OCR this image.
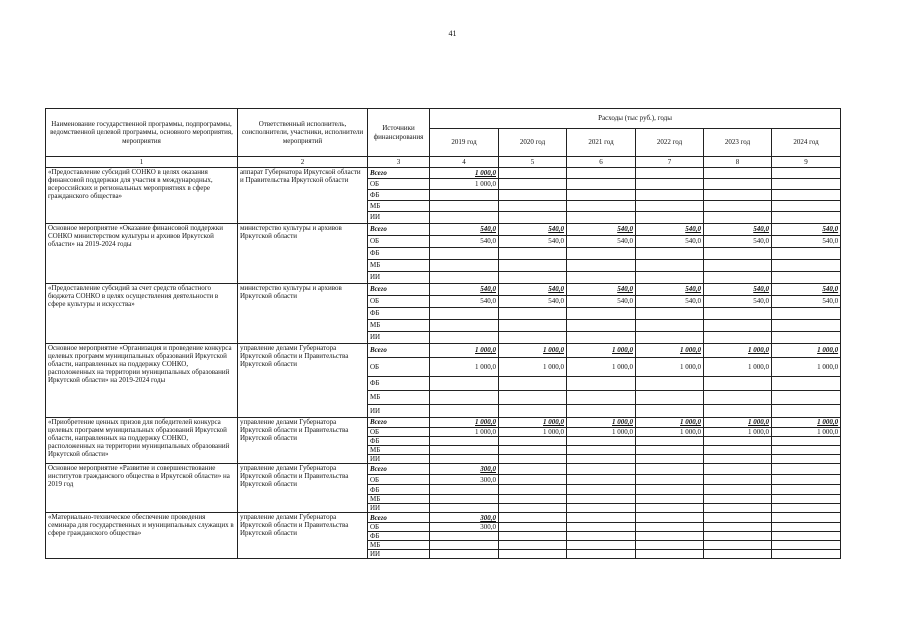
41
Наименование государственной программы, подпрограммы, ведомственной целевой программы, основного мероприятия, мероприятия	Ответственный исполнитель, соисполнители, участники, исполнители мероприятий	Источники финансирования	Расходы (тыс руб.), годы					
			2019 год	2020 год	2021 год	2022 год	2023 год	2024 год
1	2	3	4	5	6	7	8	9
«Предоставление субсидий СОНКО в целях оказания финансовой поддержки для участия в международных, всероссийских и региональных мероприятиях в сфере гражданского общества»	аппарат Губернатора Иркутской области и Правительства Иркутской области	Всего	1 000,0					
		ОБ	1 000,0					
		ФБ						
		МБ						
		ИИ						
Основное мероприятие «Оказание финансовой поддержки СОНКО министерством культуры и архивов Иркутской области» на 2019-2024 годы	министерство культуры и архивов Иркутской области	Всего	540,0	540,0	540,0	540,0	540,0	540,0
		ОБ	540,0	540,0	540,0	540,0	540,0	540,0
		ФБ						
		МБ						
		ИИ						
«Предоставление субсидий за счет средств областного бюджета СОНКО в целях осуществления деятельности в сфере культуры и искусства»	министерство культуры и архивов Иркутской области	Всего	540,0	540,0	540,0	540,0	540,0	540,0
		ОБ	540,0	540,0	540,0	540,0	540,0	540,0
		ФБ						
		МБ						
		ИИ						
Основное мероприятие «Организация и проведение конкурса целевых программ муниципальных образований Иркутской области, направленных на поддержку СОНКО, расположенных на территории муниципальных образований Иркутской области» на 2019-2024 годы	управление делами Губернатора Иркутской области и Правительства Иркутской области	Всего	1 000,0	1 000,0	1 000,0	1 000,0	1 000,0	1 000,0
		ОБ	1 000,0	1 000,0	1 000,0	1 000,0	1 000,0	1 000,0
		ФБ						
		МБ						
		ИИ						
«Приобретение ценных призов для победителей конкурса целевых программ муниципальных образований Иркутской области, направленных на поддержку СОНКО, расположенных на территории муниципальных образований Иркутской области»	управление делами Губернатора Иркутской области и Правительства Иркутской области	Всего	1 000,0	1 000,0	1 000,0	1 000,0	1 000,0	1 000,0
		ОБ	1 000,0	1 000,0	1 000,0	1 000,0	1 000,0	1 000,0
		ФБ						
		МБ						
		ИИ						
Основное мероприятие «Развитие и совершенствование институтов гражданского общества в Иркутской области» на 2019 год	управление делами Губернатора Иркутской области и Правительства Иркутской области	Всего	300,0					
		ОБ	300,0					
		ФБ						
		МБ						
		ИИ						
«Материально-техническое обеспечение проведения семинара для государственных и муниципальных служащих в сфере гражданского общества»	управление делами Губернатора Иркутской области и Правительства Иркутской области	Всего	300,0					
		ОБ	300,0					
		ФБ						
		МБ						
		ИИ						
